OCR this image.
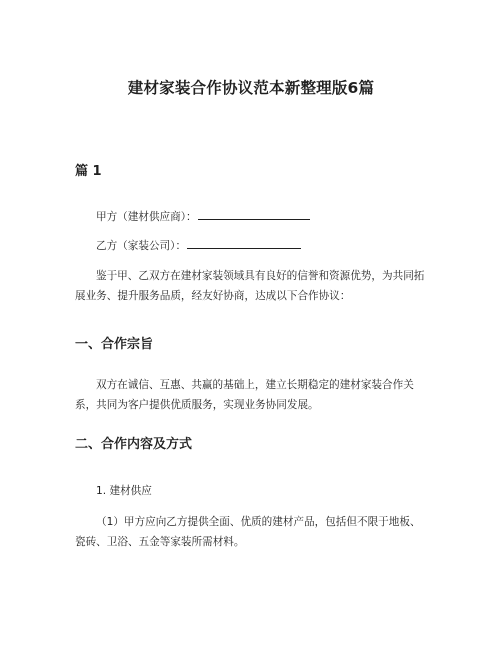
建材家装合作协议范本新整理版6篇
篇 1
甲方（建材供应商）：
乙方（家装公司）：

鉴于甲、乙双方在建材家装领域具有良好的信誉和资源优势，为共同拓展业务、提升服务品质，经友好协商，达成以下合作协议：

一、合作宗旨

双方在诚信、互惠、共赢的基础上，建立长期稳定的建材家装合作关系，共同为客户提供优质服务，实现业务协同发展。

二、合作内容及方式
1. 建材供应

（1）甲方应向乙方提供全面、优质的建材产品，包括但不限于地板、瓷砖、卫浴、五金等家装所需材料。
